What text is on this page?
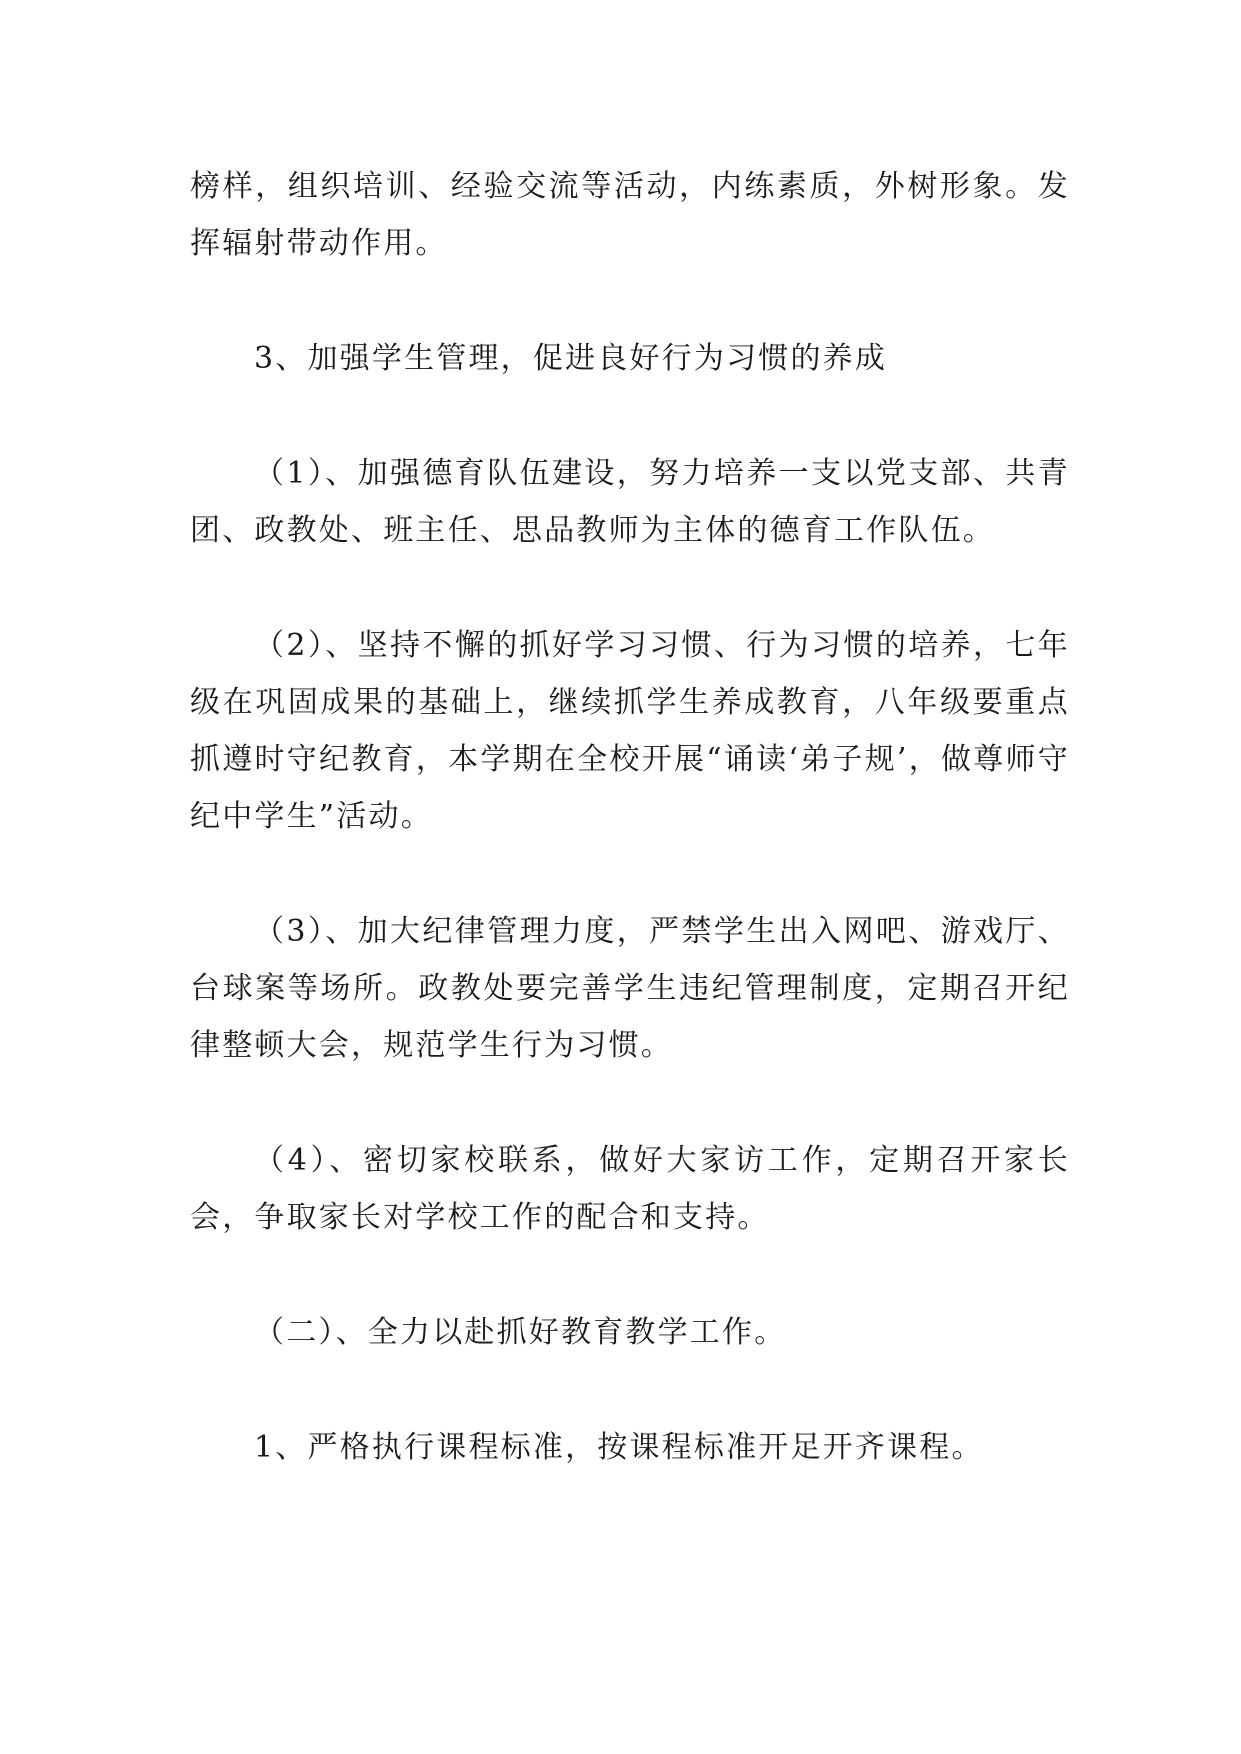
榜样，组织培训、经验交流等活动，内练素质，外树形象。发挥辐射带动作用。

3、加强学生管理，促进良好行为习惯的养成

（1）、加强德育队伍建设，努力培养一支以党支部、共青团、政教处、班主任、思品教师为主体的德育工作队伍。

（2）、坚持不懈的抓好学习习惯、行为习惯的培养，七年级在巩固成果的基础上，继续抓学生养成教育，八年级要重点抓遵时守纪教育，本学期在全校开展“诵读‘弟子规’，做尊师守纪中学生”活动。

（3）、加大纪律管理力度，严禁学生出入网吧、游戏厅、台球案等场所。政教处要完善学生违纪管理制度，定期召开纪律整顿大会，规范学生行为习惯。

（4）、密切家校联系，做好大家访工作，定期召开家长会，争取家长对学校工作的配合和支持。

（二）、全力以赴抓好教育教学工作。

1、严格执行课程标准，按课程标准开足开齐课程。
